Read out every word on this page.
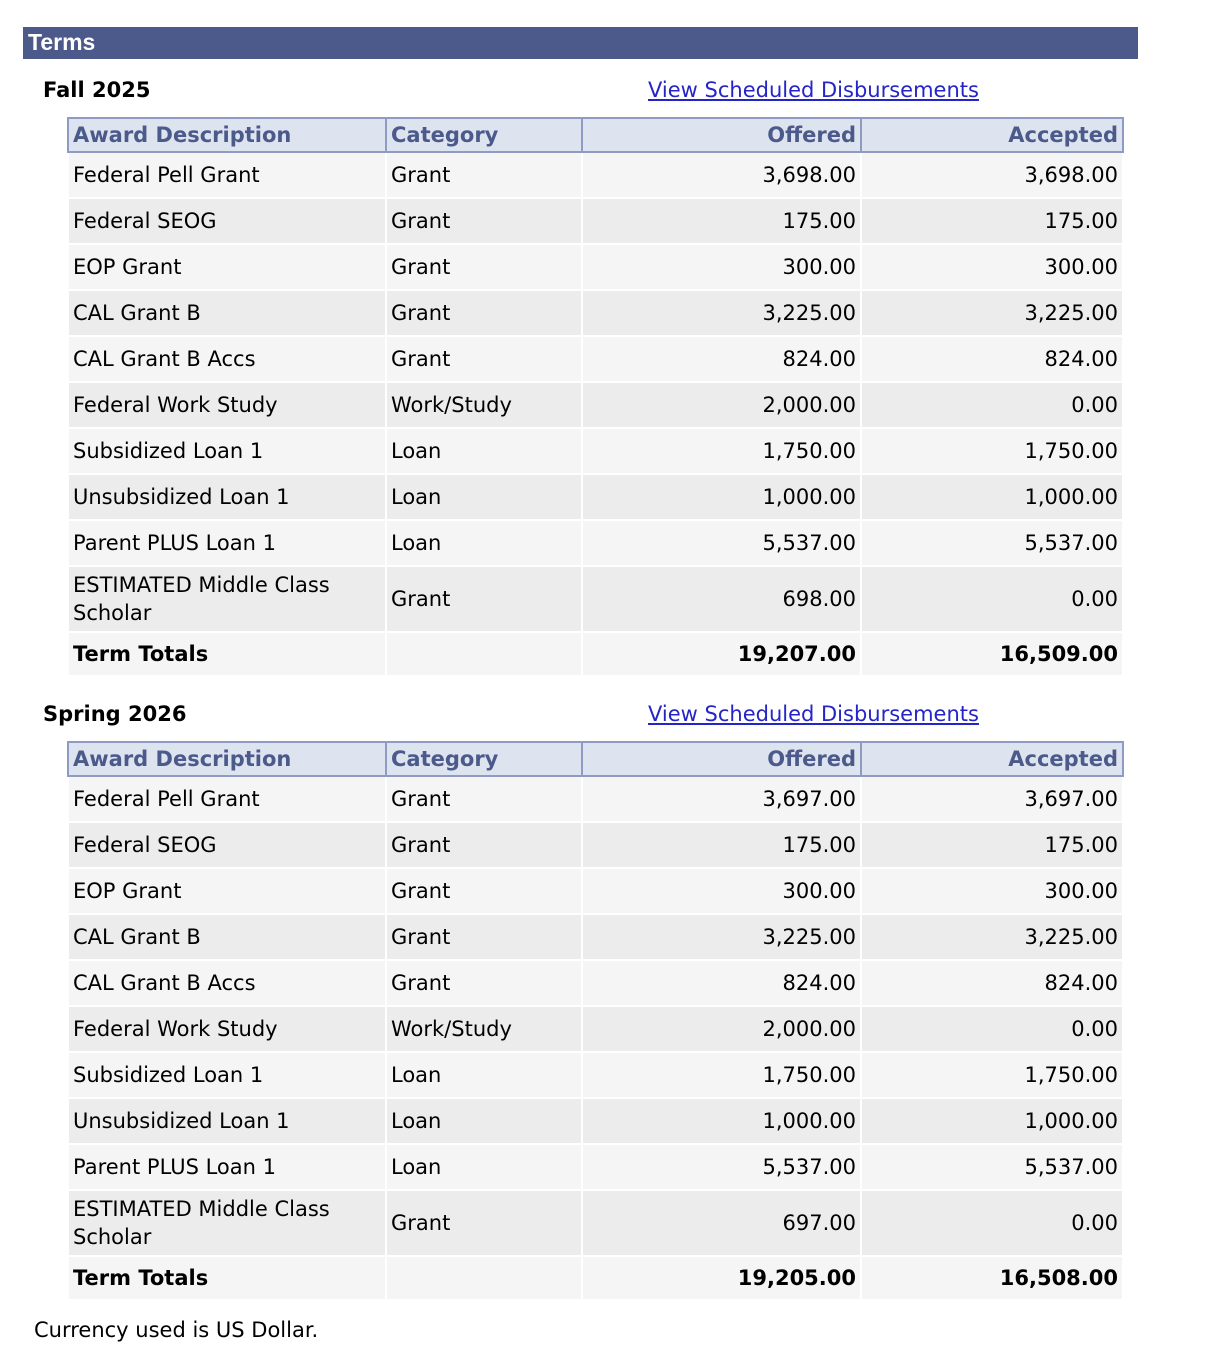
Terms
Fall 2025	View Scheduled Disbursements
Award Description	Category	Offered	Accepted
Federal Pell Grant	Grant	3,698.00	3,698.00
Federal SEOG	Grant	175.00	175.00
EOP Grant	Grant	300.00	300.00
CAL Grant B	Grant	3,225.00	3,225.00
CAL Grant B Accs	Grant	824.00	824.00
Federal Work Study	Work/Study	2,000.00	0.00
Subsidized Loan 1	Loan	1,750.00	1,750.00
Unsubsidized Loan 1	Loan	1,000.00	1,000.00
Parent PLUS Loan 1	Loan	5,537.00	5,537.00
ESTIMATED Middle Class Scholar	Grant	698.00	0.00
Term Totals		19,207.00	16,509.00
Spring 2026	View Scheduled Disbursements
Award Description	Category	Offered	Accepted
Federal Pell Grant	Grant	3,697.00	3,697.00
Federal SEOG	Grant	175.00	175.00
EOP Grant	Grant	300.00	300.00
CAL Grant B	Grant	3,225.00	3,225.00
CAL Grant B Accs	Grant	824.00	824.00
Federal Work Study	Work/Study	2,000.00	0.00
Subsidized Loan 1	Loan	1,750.00	1,750.00
Unsubsidized Loan 1	Loan	1,000.00	1,000.00
Parent PLUS Loan 1	Loan	5,537.00	5,537.00
ESTIMATED Middle Class Scholar	Grant	697.00	0.00
Term Totals		19,205.00	16,508.00
Currency used is US Dollar.
